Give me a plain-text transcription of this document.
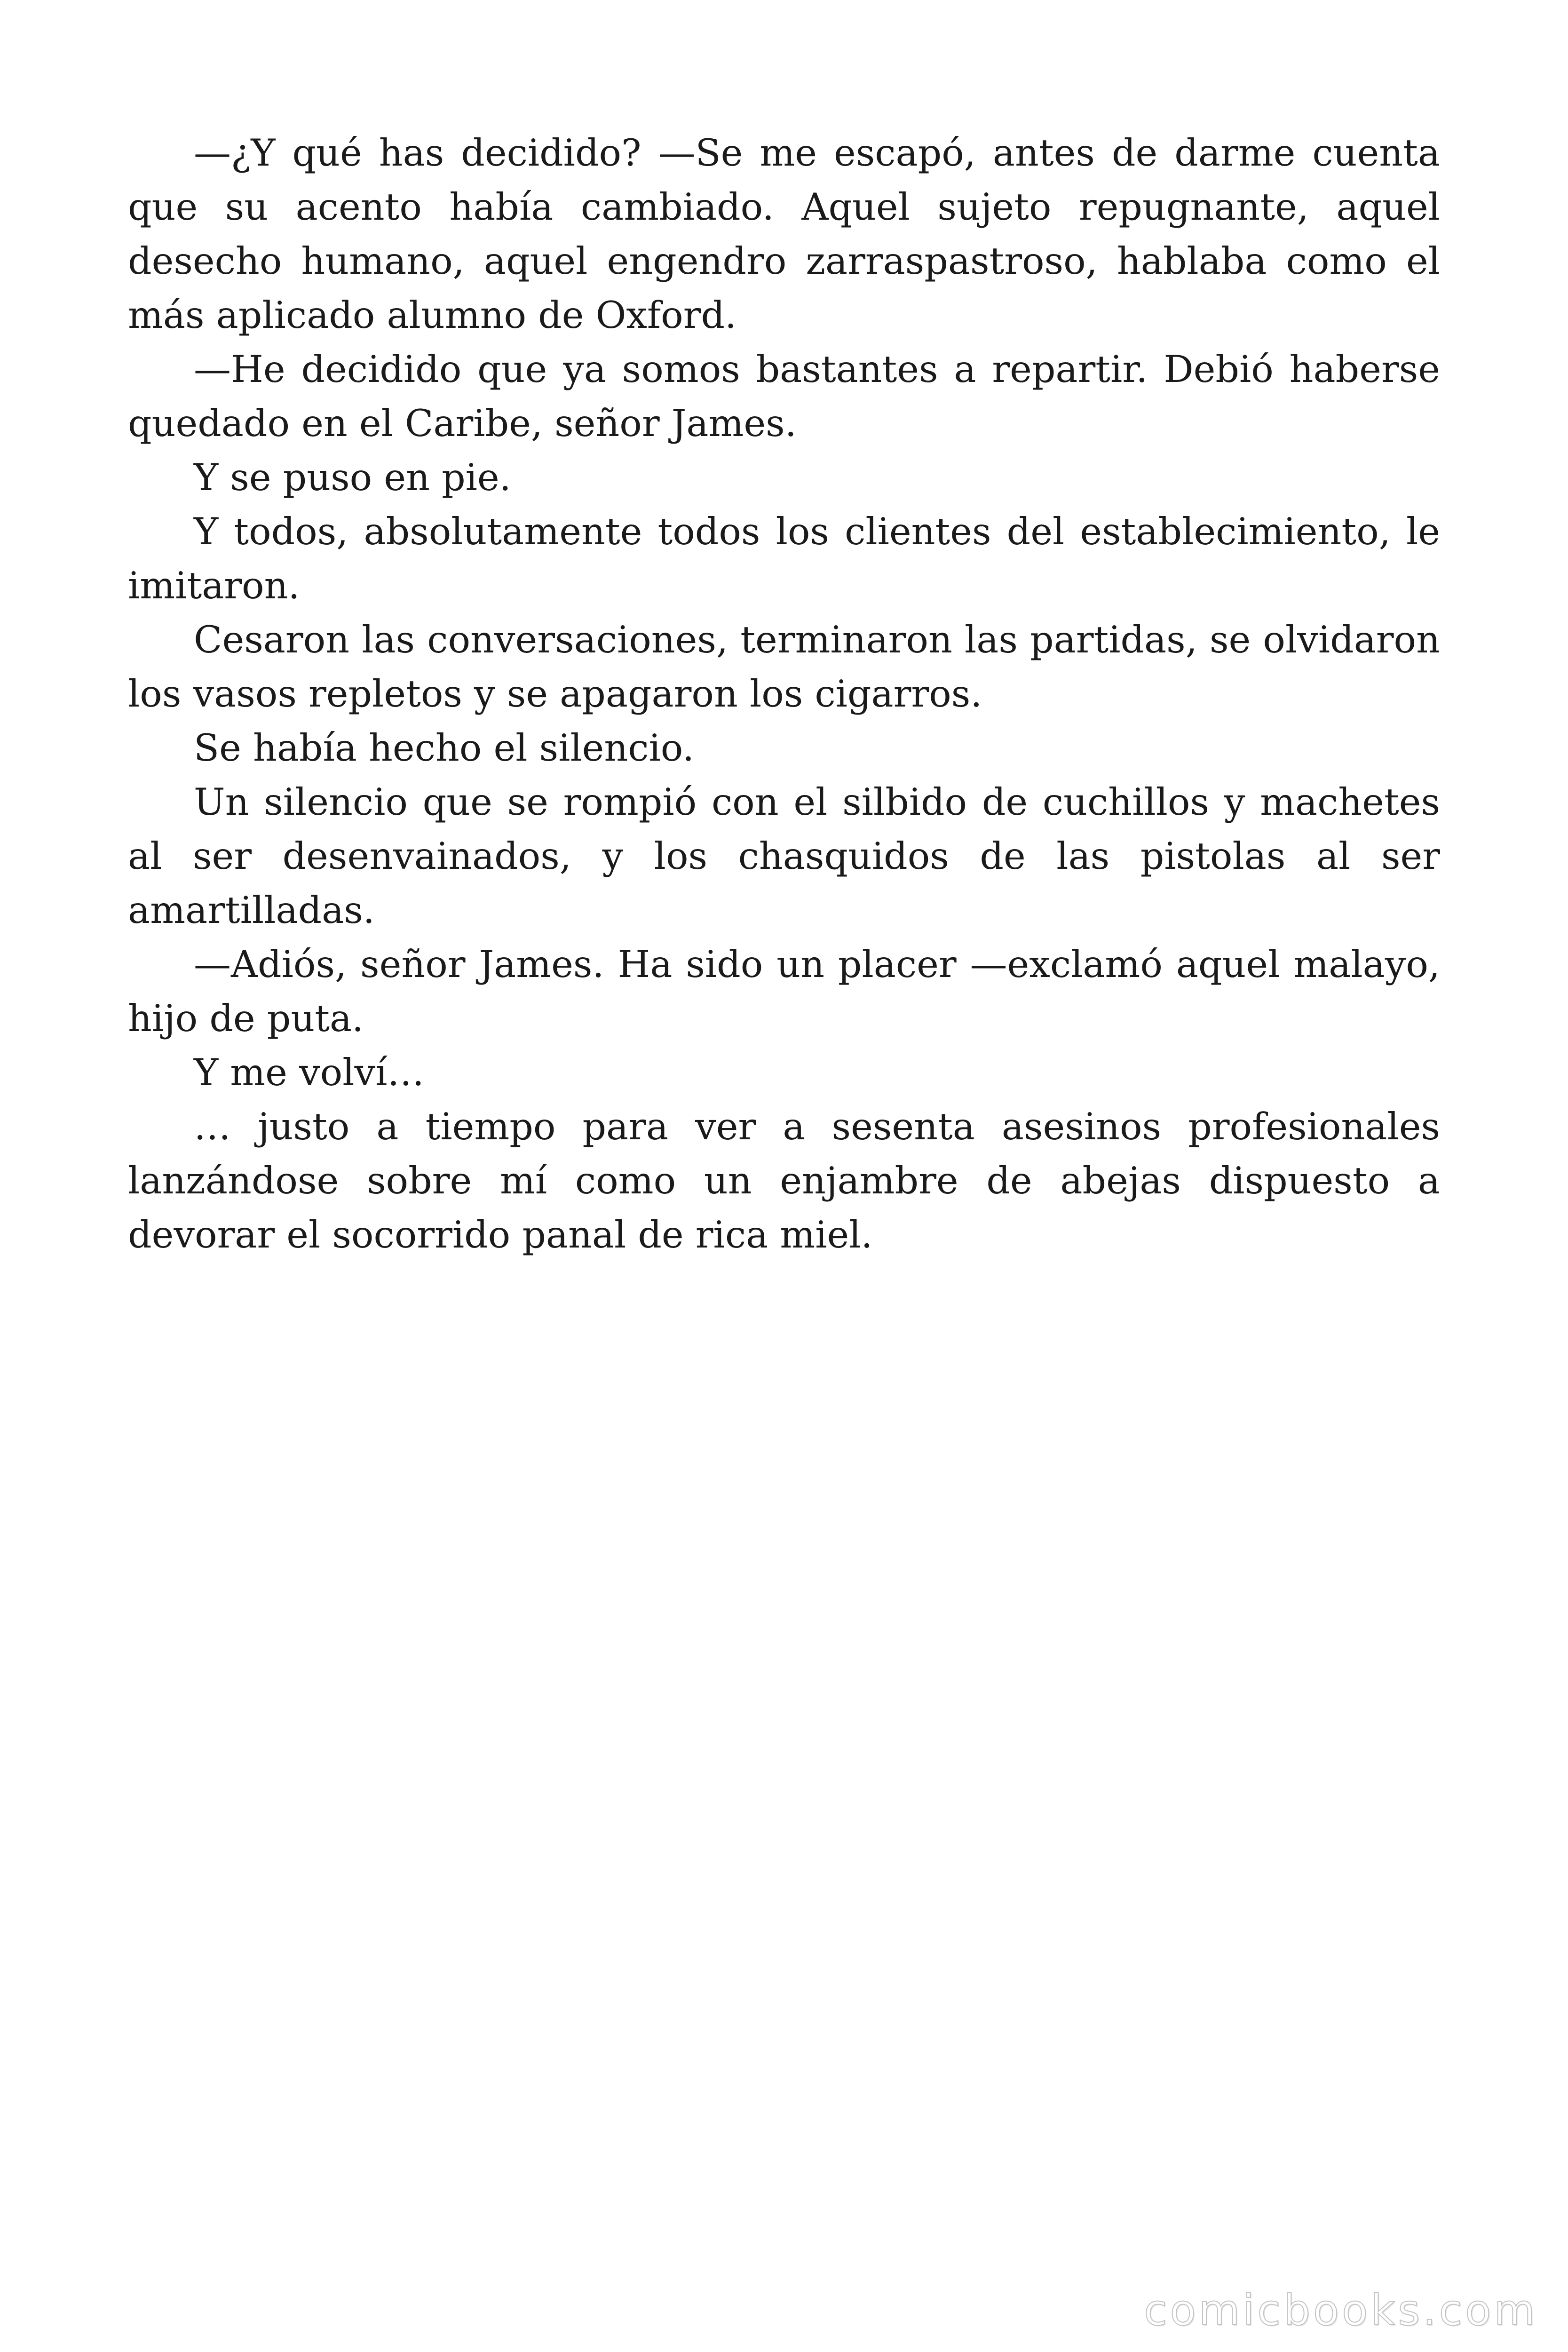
—¿Y qué has decidido? —Se me escapó, antes de darme cuenta que su acento había cambiado. Aquel sujeto repugnante, aquel desecho humano, aquel engendro zarraspastroso, hablaba como el más aplicado alumno de Oxford.

—He decidido que ya somos bastantes a repartir. Debió haberse quedado en el Caribe, señor James.

Y se puso en pie.

Y todos, absolutamente todos los clientes del establecimiento, le imitaron.

Cesaron las conversaciones, terminaron las partidas, se olvidaron los vasos repletos y se apagaron los cigarros.

Se había hecho el silencio.

Un silencio que se rompió con el silbido de cuchillos y machetes al ser desenvainados, y los chasquidos de las pistolas al ser amartilladas.

—Adiós, señor James. Ha sido un placer —exclamó aquel malayo, hijo de puta.

Y me volví…

… justo a tiempo para ver a sesenta asesinos profesionales lanzándose sobre mí como un enjambre de abejas dispuesto a devorar el socorrido panal de rica miel.

comicbooks.com
